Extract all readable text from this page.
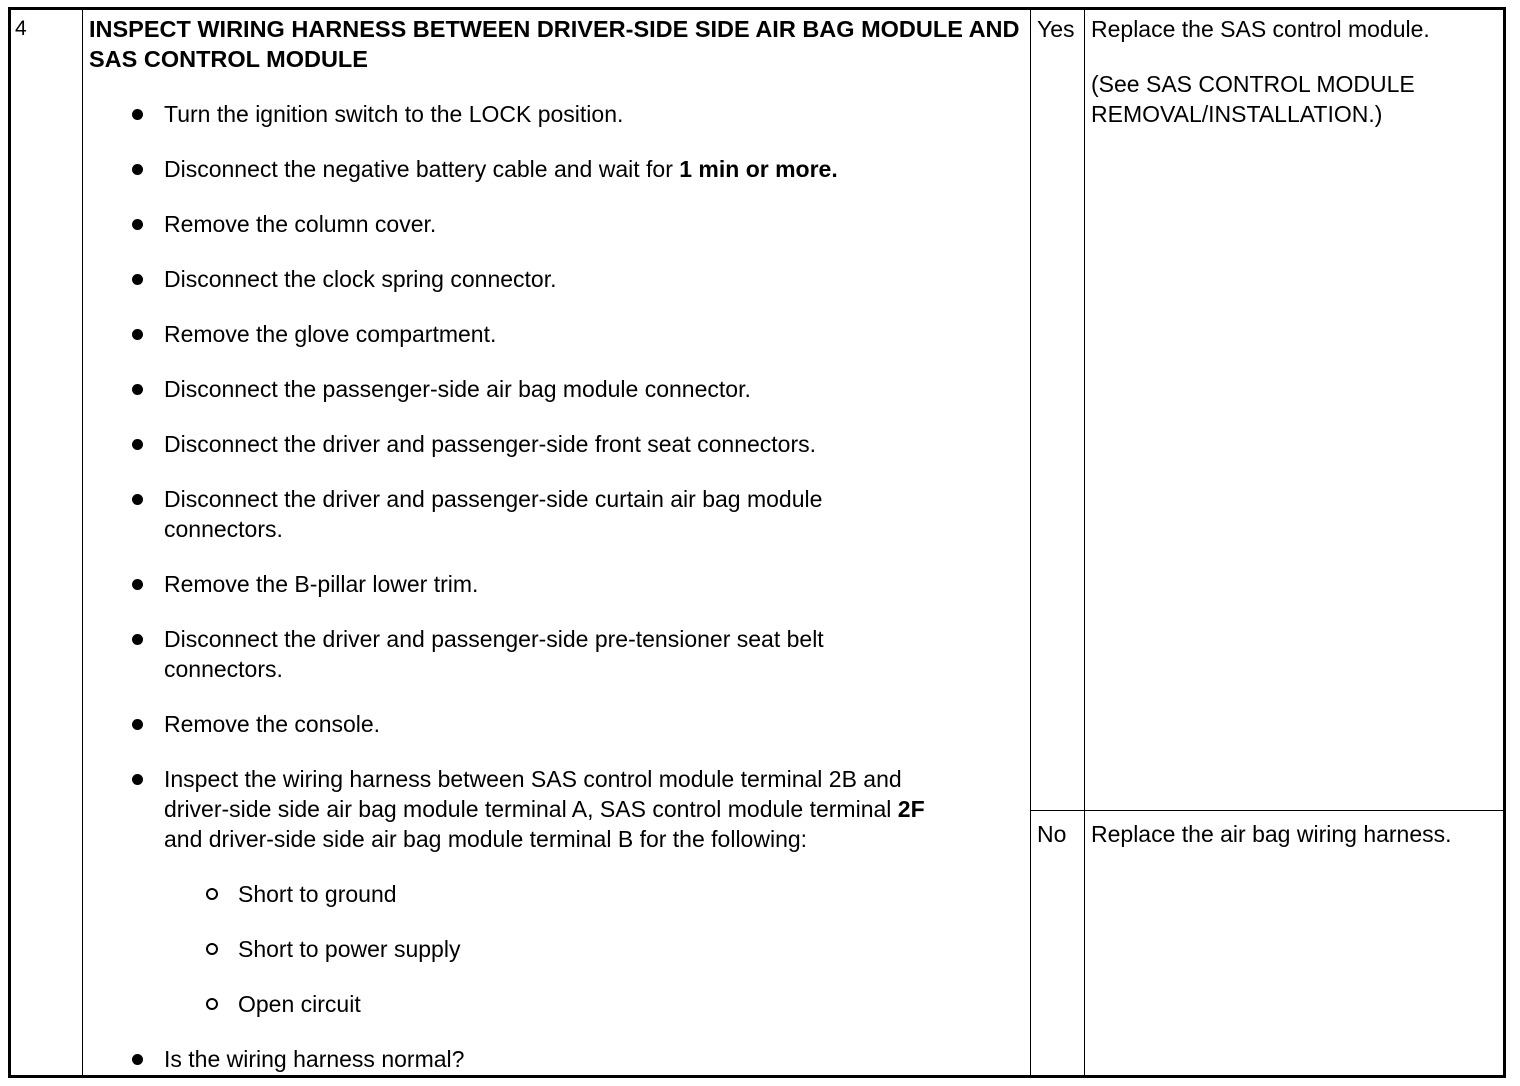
4	INSPECT WIRING HARNESS BETWEEN DRIVER-SIDE SIDE AIR BAG MODULE AND SAS CONTROL MODULE
Turn the ignition switch to the LOCK position.
Disconnect the negative battery cable and wait for 1 min or more.
Remove the column cover.
Disconnect the clock spring connector.
Remove the glove compartment.
Disconnect the passenger-side air bag module connector.
Disconnect the driver and passenger-side front seat connectors.
Disconnect the driver and passenger-side curtain air bag module
connectors.
Remove the B-pillar lower trim.
Disconnect the driver and passenger-side pre-tensioner seat belt
connectors.
Remove the console.
Inspect the wiring harness between SAS control module terminal 2B and
driver-side side air bag module terminal A, SAS control module terminal 2F
and driver-side side air bag module terminal B for the following:
Short to ground
Short to power supply
Open circuit
Is the wiring harness normal?
Yes Replace the SAS control module.
(See SAS CONTROL MODULE
REMOVAL/INSTALLATION.)
No Replace the air bag wiring harness.
